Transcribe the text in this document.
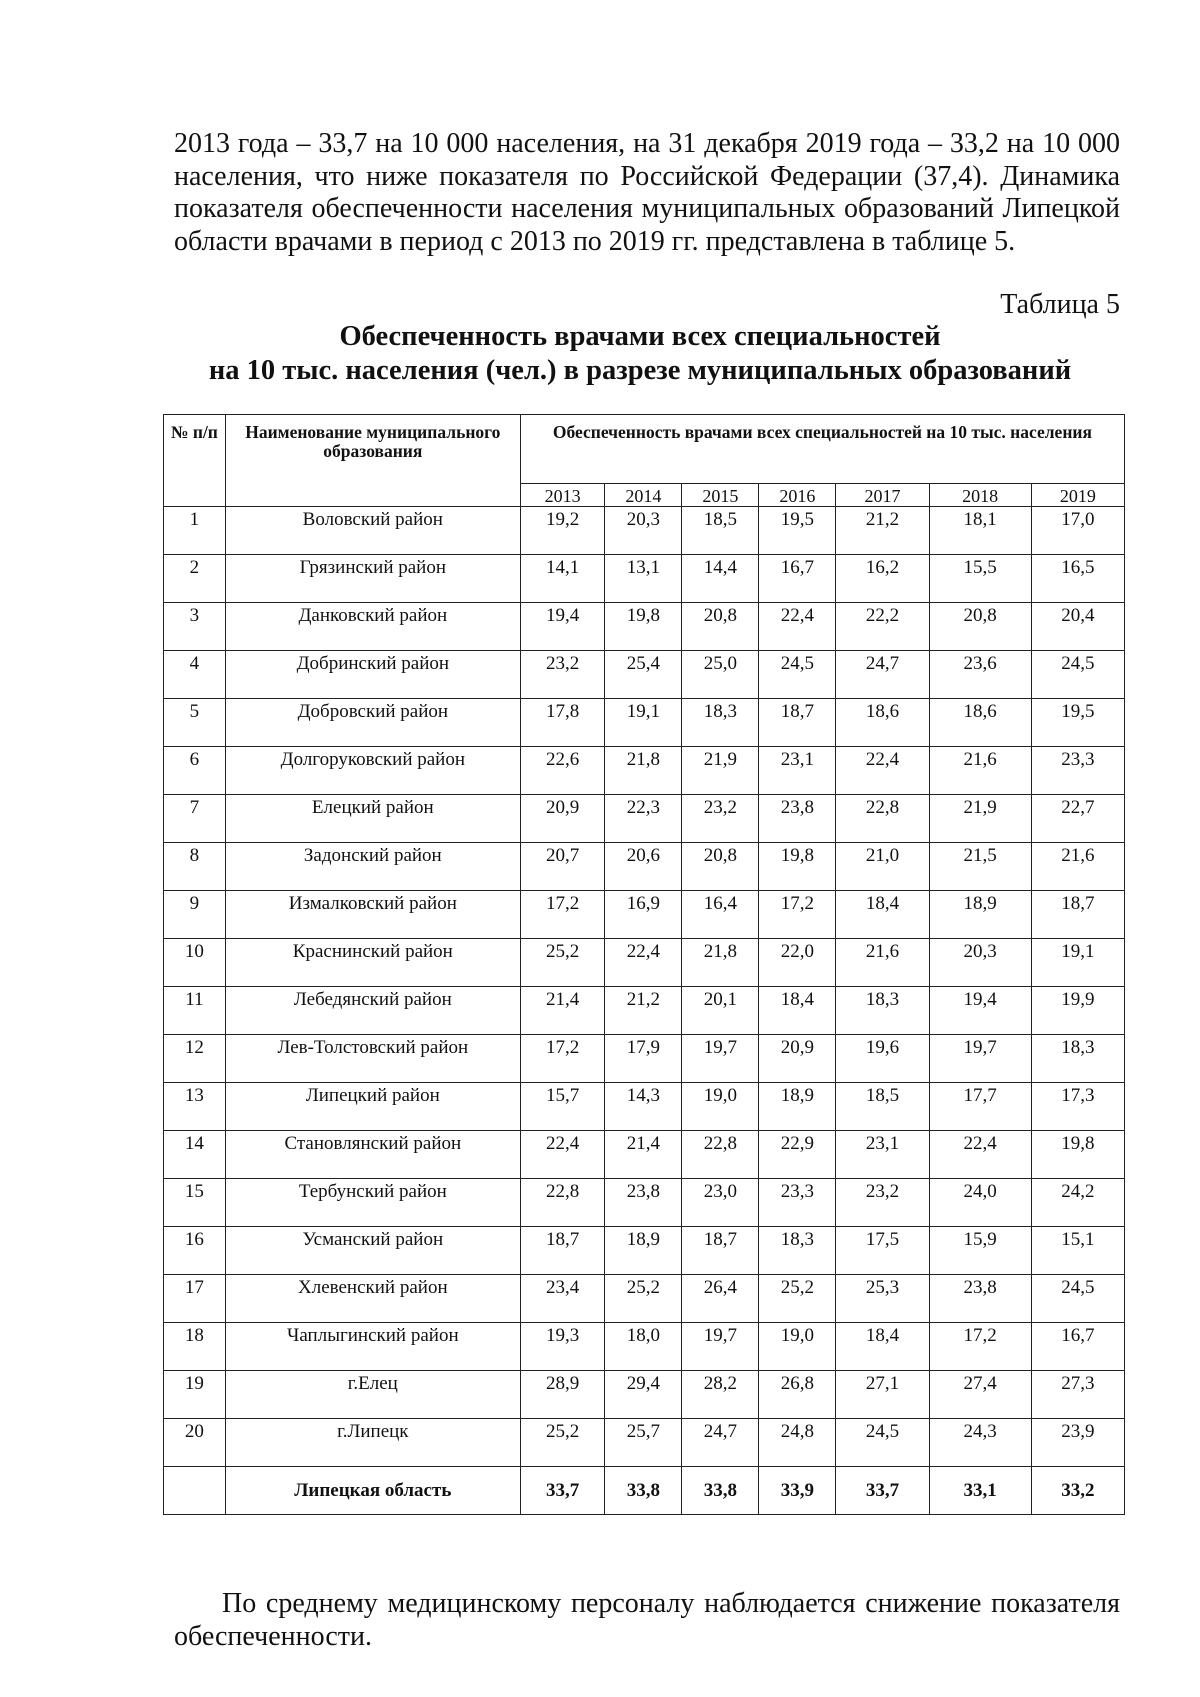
2013 года – 33,7 на 10 000 населения, на 31 декабря 2019 года – 33,2 на 10 000 населения, что ниже показателя по Российской Федерации (37,4). Динамика показателя обеспеченности населения муниципальных образований Липецкой области врачами в период с 2013 по 2019 гг. представлена в таблице 5.

Таблица 5
Обеспеченность врачами всех специальностей
на 10 тыс. населения (чел.) в разрезе муниципальных образований
№ п/п	Наименование муниципального образования	Обеспеченность врачами всех специальностей на 10 тыс. населения						
		2013	2014	2015	2016	2017	2018	2019
1	Воловский район	19,2	20,3	18,5	19,5	21,2	18,1	17,0
2	Грязинский район	14,1	13,1	14,4	16,7	16,2	15,5	16,5
3	Данковский район	19,4	19,8	20,8	22,4	22,2	20,8	20,4
4	Добринский район	23,2	25,4	25,0	24,5	24,7	23,6	24,5
5	Добровский район	17,8	19,1	18,3	18,7	18,6	18,6	19,5
6	Долгоруковский район	22,6	21,8	21,9	23,1	22,4	21,6	23,3
7	Елецкий район	20,9	22,3	23,2	23,8	22,8	21,9	22,7
8	Задонский район	20,7	20,6	20,8	19,8	21,0	21,5	21,6
9	Измалковский район	17,2	16,9	16,4	17,2	18,4	18,9	18,7
10	Краснинский район	25,2	22,4	21,8	22,0	21,6	20,3	19,1
11	Лебедянский район	21,4	21,2	20,1	18,4	18,3	19,4	19,9
12	Лев-Толстовский район	17,2	17,9	19,7	20,9	19,6	19,7	18,3
13	Липецкий район	15,7	14,3	19,0	18,9	18,5	17,7	17,3
14	Становлянский район	22,4	21,4	22,8	22,9	23,1	22,4	19,8
15	Тербунский район	22,8	23,8	23,0	23,3	23,2	24,0	24,2
16	Усманский район	18,7	18,9	18,7	18,3	17,5	15,9	15,1
17	Хлевенский район	23,4	25,2	26,4	25,2	25,3	23,8	24,5
18	Чаплыгинский район	19,3	18,0	19,7	19,0	18,4	17,2	16,7
19	г.Елец	28,9	29,4	28,2	26,8	27,1	27,4	27,3
20	г.Липецк	25,2	25,7	24,7	24,8	24,5	24,3	23,9
	Липецкая область	33,7	33,8	33,8	33,9	33,7	33,1	33,2

По среднему медицинскому персоналу наблюдается снижение показателя обеспеченности.
